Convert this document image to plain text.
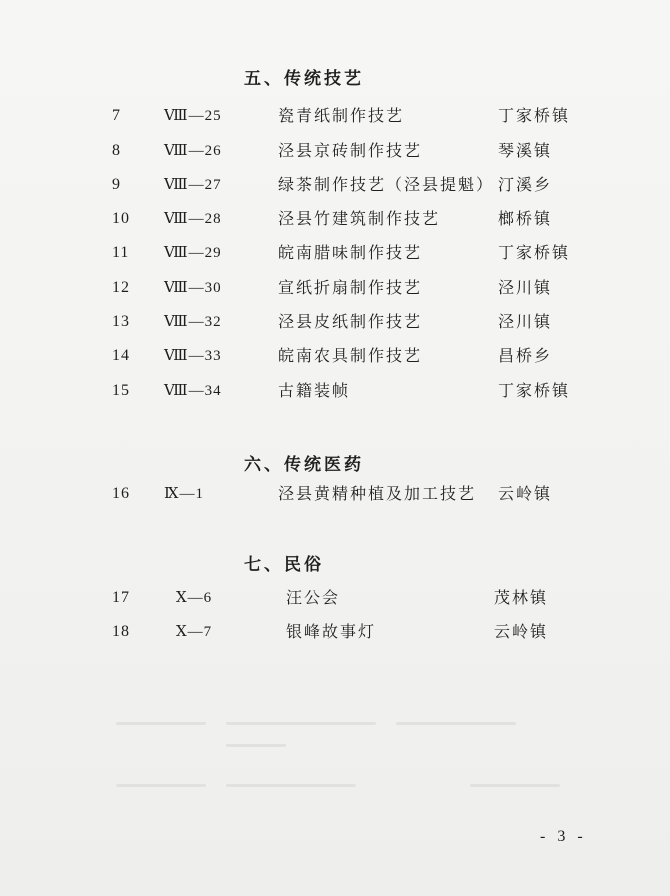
五、传统技艺
7	Ⅷ—25	瓷青纸制作技艺	丁家桥镇
8	Ⅷ—26	泾县京砖制作技艺	琴溪镇
9	Ⅷ—27	绿茶制作技艺（泾县提魁） 汀溪乡
10 Ⅷ—28	泾县竹建筑制作技艺	榔桥镇
11 Ⅷ—29	皖南腊味制作技艺	丁家桥镇
12 Ⅷ—30	宣纸折扇制作技艺	泾川镇
13 Ⅷ—32	泾县皮纸制作技艺	泾川镇
14 Ⅷ—33	皖南农具制作技艺	昌桥乡
15 Ⅷ—34	古籍装帧	丁家桥镇
六、传统医药
16 Ⅸ—1	泾县黄精种植及加工技艺 云岭镇
七、民俗
17	Ⅹ—6	汪公会	茂林镇
18	Ⅹ—7	银峰故事灯	云岭镇
- 3 -
